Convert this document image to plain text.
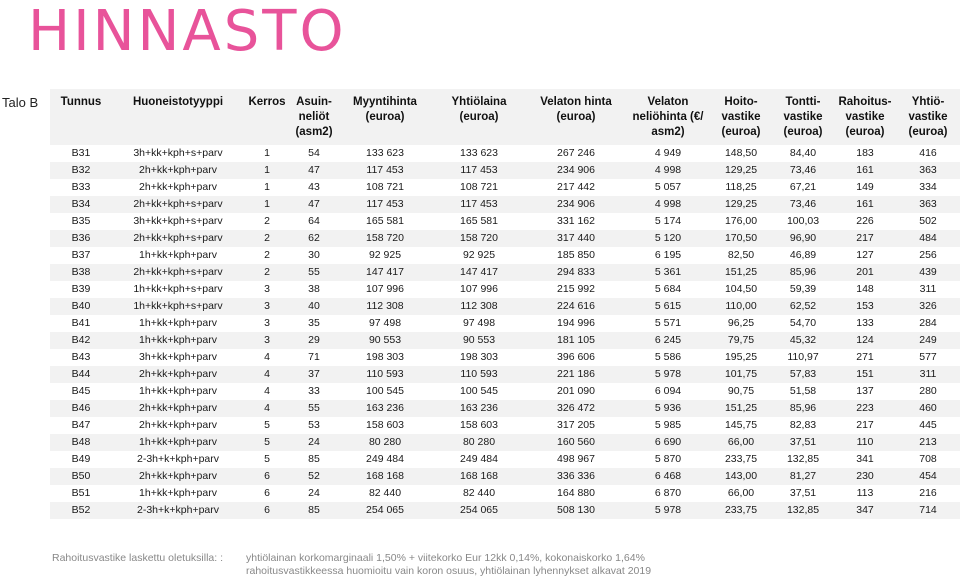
HINNASTO
Talo B Tunnus	Huoneistotyyppi	Kerros	Asuin-
neliöt
(asm2)	Myyntihinta
(euroa)	Yhtiölaina (euroa)	Velaton hinta
(euroa)	Velaton
neliöhinta (€/
asm2)	Hoito-
vastike
(euroa)	Tontti-
vastike
(euroa)	Rahoitus-
vastike
(euroa)	Yhtiö-
vastike
(euroa)
B31	3h+kk+kph+s+parv	1	54	133 623	133 623	267 246	4 949	148,50	84,40	183	416
B32	2h+kk+kph+parv	1	47	117 453	117 453	234 906	4 998	129,25	73,46	161	363
B33	2h+kk+kph+parv	1	43	108 721	108 721	217 442	5 057	118,25	67,21	149	334
B34	2h+kk+kph+s+parv	1	47	117 453	117 453	234 906	4 998	129,25	73,46	161	363
B35	3h+kk+kph+s+parv	2	64	165 581	165 581	331 162	5 174	176,00	100,03	226	502
B36	2h+kk+kph+s+parv	2	62	158 720	158 720	317 440	5 120	170,50	96,90	217	484
B37	1h+kk+kph+parv	2	30	92 925	92 925	185 850	6 195	82,50	46,89	127	256
B38	2h+kk+kph+s+parv	2	55	147 417	147 417	294 833	5 361	151,25	85,96	201	439
B39	1h+kk+kph+s+parv	3	38	107 996	107 996	215 992	5 684	104,50	59,39	148	311
B40	1h+kk+kph+s+parv	3	40	112 308	112 308	224 616	5 615	110,00	62,52	153	326
B41	1h+kk+kph+parv	3	35	97 498	97 498	194 996	5 571	96,25	54,70	133	284
B42	1h+kk+kph+parv	3	29	90 553	90 553	181 105	6 245	79,75	45,32	124	249
B43	3h+kk+kph+parv	4	71	198 303	198 303	396 606	5 586	195,25	110,97	271	577
B44	2h+kk+kph+parv	4	37	110 593	110 593	221 186	5 978	101,75	57,83	151	311
B45	1h+kk+kph+parv	4	33	100 545	100 545	201 090	6 094	90,75	51,58	137	280
B46	2h+kk+kph+parv	4	55	163 236	163 236	326 472	5 936	151,25	85,96	223	460
B47	2h+kk+kph+parv	5	53	158 603	158 603	317 205	5 985	145,75	82,83	217	445
B48	1h+kk+kph+parv	5	24	80 280	80 280	160 560	6 690	66,00	37,51	110	213
B49	2-3h+k+kph+parv	5	85	249 484	249 484	498 967	5 870	233,75	132,85	341	708
B50	2h+kk+kph+parv	6	52	168 168	168 168	336 336	6 468	143,00	81,27	230	454
B51	1h+kk+kph+parv	6	24	82 440	82 440	164 880	6 870	66,00	37,51	113	216
B52	2-3h+k+kph+parv	6	85	254 065	254 065	508 130	5 978	233,75	132,85	347	714
Rahoitusvastike laskettu oletuksilla: : yhtiölainan korkomarginaali 1,50% + viitekorko Eur 12kk 0,14%, kokonaiskorko 1,64%
rahoitusvastikkeessa huomioitu vain koron osuus, yhtiölainan lyhennykset alkavat 2019
